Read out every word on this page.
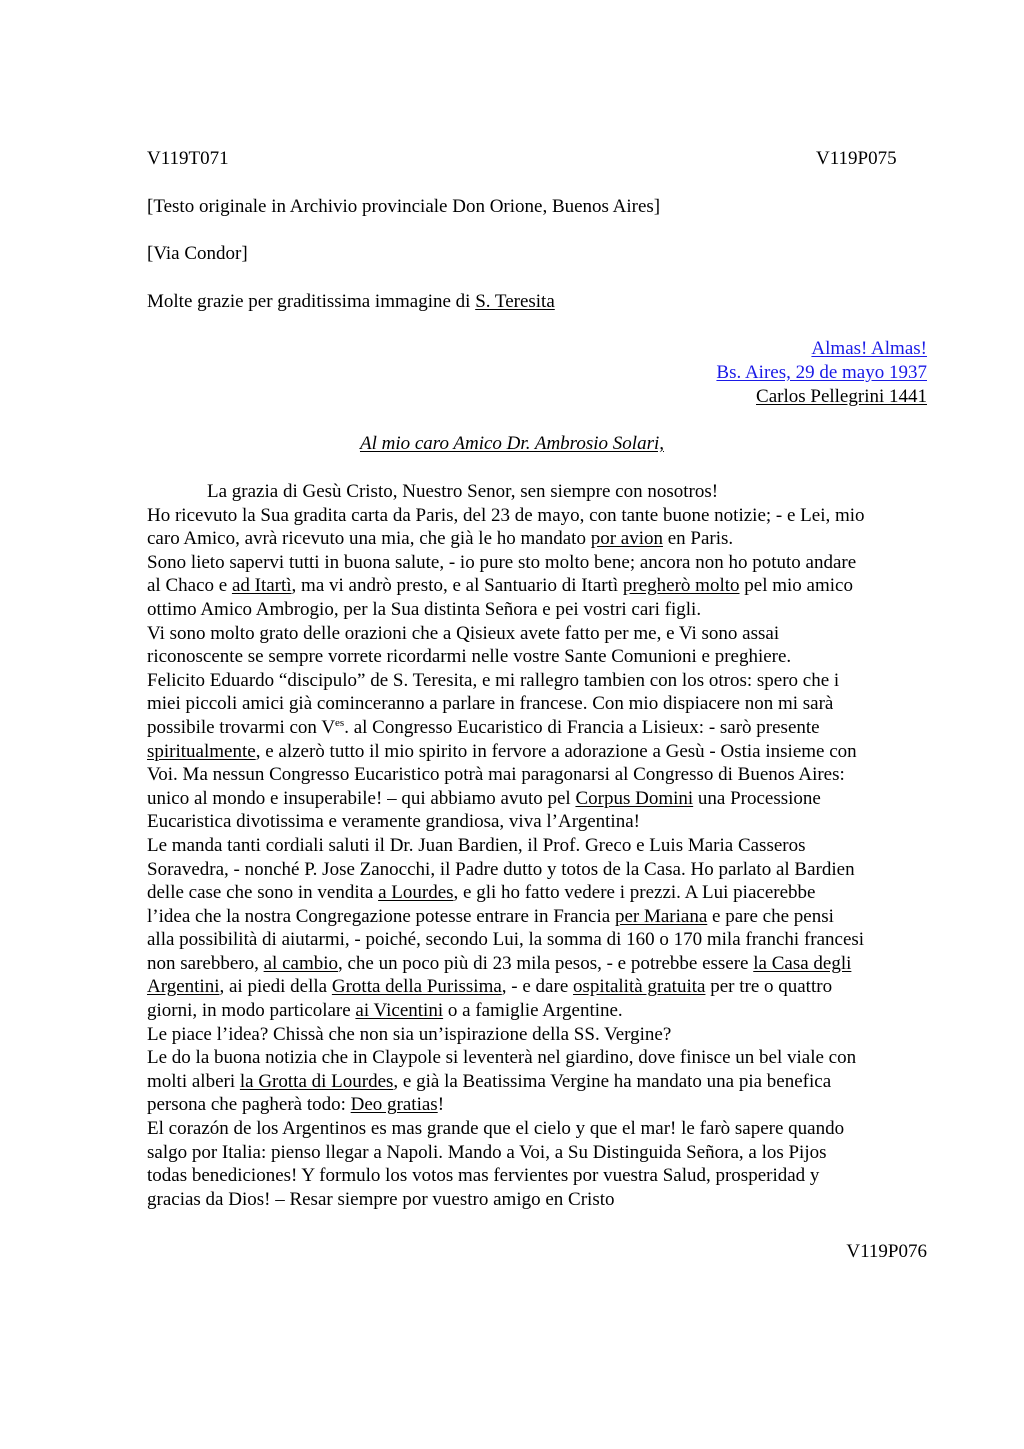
V119T071	V119P075
[Testo originale in Archivio provinciale Don Orione, Buenos Aires]
[Via Condor]
Molte grazie per graditissima immagine di S. Teresita
Almas! Almas!
Bs. Aires, 29 de mayo 1937
Carlos Pellegrini 1441
Al mio caro Amico Dr. Ambrosio Solari,

La grazia di Gesù Cristo, Nuestro Senor, sen siempre con nosotros!

Ho ricevuto la Sua gradita carta da Paris, del 23 de mayo, con tante buone notizie; - e Lei, mio

caro Amico, avrà ricevuto una mia, che già le ho mandato por avion en Paris.

Sono lieto sapervi tutti in buona salute, - io pure sto molto bene; ancora non ho potuto andare

al Chaco e ad Itartì, ma vi andrò presto, e al Santuario di Itartì pregherò molto pel mio amico

ottimo Amico Ambrogio, per la Sua distinta Señora e pei vostri cari figli.

Vi sono molto grato delle orazioni che a Qisieux avete fatto per me, e Vi sono assai

riconoscente se sempre vorrete ricordarmi nelle vostre Sante Comunioni e preghiere.

Felicito Eduardo “discipulo” de S. Teresita, e mi rallegro tambien con los otros: spero che i

miei piccoli amici già cominceranno a parlare in francese. Con mio dispiacere non mi sarà

possibile trovarmi con $V^{es}$. al Congresso Eucaristico di Francia a Lisieux: - sarò presente

spiritualmente, e alzerò tutto il mio spirito in fervore a adorazione a Gesù - Ostia insieme con

Voi. Ma nessun Congresso Eucaristico potrà mai paragonarsi al Congresso di Buenos Aires:

unico al mondo e insuperabile! – qui abbiamo avuto pel Corpus Domini una Processione

Eucaristica divotissima e veramente grandiosa, viva l’Argentina!

Le manda tanti cordiali saluti il Dr. Juan Bardien, il Prof. Greco e Luis Maria Casseros

Soravedra, - nonché P. Jose Zanocchi, il Padre dutto y totos de la Casa. Ho parlato al Bardien

delle case che sono in vendita a Lourdes, e gli ho fatto vedere i prezzi. A Lui piacerebbe

l’idea che la nostra Congregazione potesse entrare in Francia per Mariana e pare che pensi

alla possibilità di aiutarmi, - poiché, secondo Lui, la somma di 160 o 170 mila franchi francesi

non sarebbero, al cambio, che un poco più di 23 mila pesos, - e potrebbe essere la Casa degli

Argentini, ai piedi della Grotta della Purissima, - e dare ospitalità gratuita per tre o quattro

giorni, in modo particolare ai Vicentini o a famiglie Argentine.

Le piace l’idea? Chissà che non sia un’ispirazione della SS. Vergine?

Le do la buona notizia che in Claypole si leventerà nel giardino, dove finisce un bel viale con

molti alberi la Grotta di Lourdes, e già la Beatissima Vergine ha mandato una pia benefica

persona che pagherà todo: Deo gratias!

El corazón de los Argentinos es mas grande que el cielo y que el mar! le farò sapere quando

salgo por Italia: pienso llegar a Napoli. Mando a Voi, a Su Distinguida Señora, a los Pijos

todas benediciones! Y formulo los votos mas fervientes por vuestra Salud, prosperidad y

gracias da Dios! – Resar siempre por vuestro amigo en Cristo

V119P076
